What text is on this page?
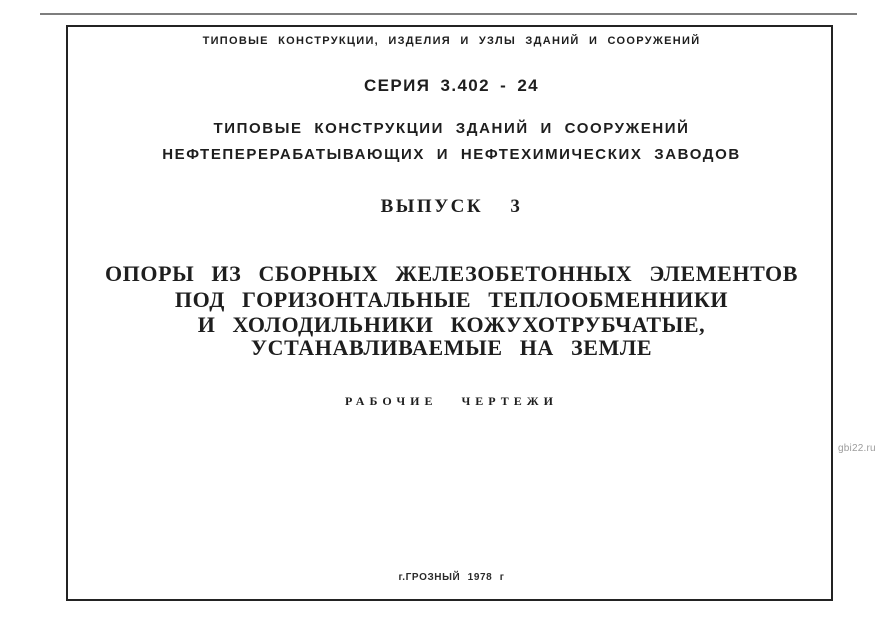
ТИПОВЫЕ КОНСТРУКЦИИ, ИЗДЕЛИЯ И УЗЛЫ ЗДАНИЙ И СООРУЖЕНИЙ
СЕРИЯ 3.402 - 24
ТИПОВЫЕ КОНСТРУКЦИИ ЗДАНИЙ И СООРУЖЕНИЙ
НЕФТЕПЕРЕРАБАТЫВАЮЩИХ И НЕФТЕХИМИЧЕСКИХ ЗАВОДОВ
ВЫПУСК 3
ОПОРЫ ИЗ СБОРНЫХ ЖЕЛЕЗОБЕТОННЫХ ЭЛЕМЕНТОВ
ПОД ГОРИЗОНТАЛЬНЫЕ ТЕПЛООБМЕННИКИ
И ХОЛОДИЛЬНИКИ КОЖУХОТРУБЧАТЫЕ,
УСТАНАВЛИВАЕМЫЕ НА ЗЕМЛЕ
РАБОЧИЕ ЧЕРТЕЖИ
г.ГРОЗНЫЙ 1978 г
gbi22.ru
